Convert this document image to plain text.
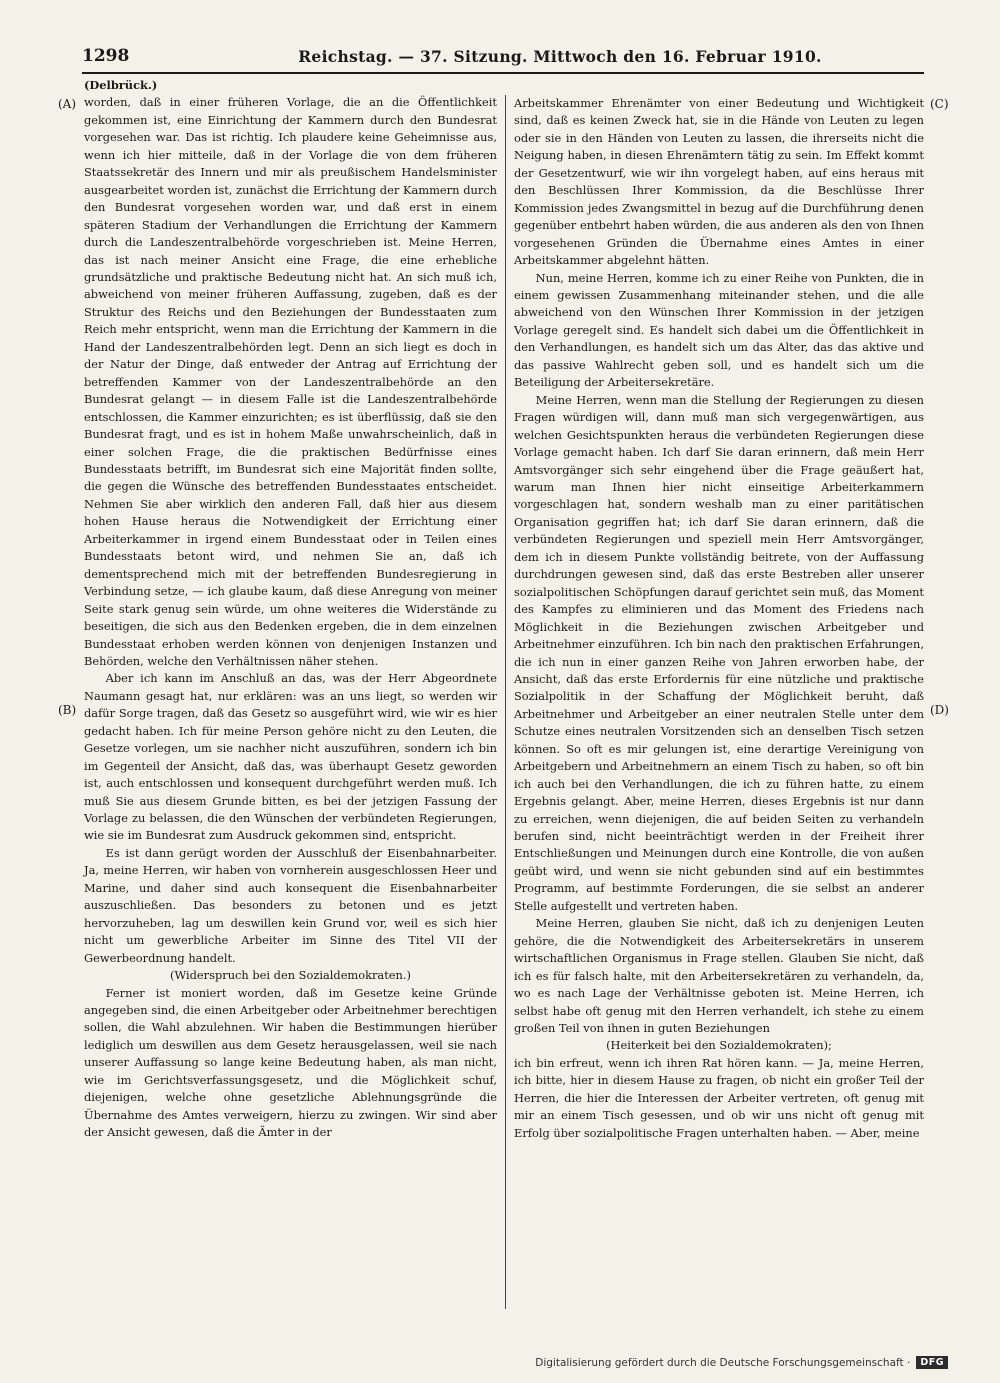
1298	Reichstag. — 37. Sitzung. Mittwoch den 16. Februar 1910.
(A)
(B)
(C)
(D)

(Delbrück.)

worden, daß in einer früheren Vorlage, die an die Öffentlichkeit gekommen ist, eine Einrichtung der Kammern durch den Bundesrat vorgesehen war. Das ist richtig. Ich plaudere keine Geheimnisse aus, wenn ich hier mitteile, daß in der Vorlage die von dem früheren Staatssekretär des Innern und mir als preußischem Handelsminister ausgearbeitet worden ist, zunächst die Errichtung der Kammern durch den Bundesrat vorgesehen worden war, und daß erst in einem späteren Stadium der Verhandlungen die Errichtung der Kammern durch die Landeszentralbehörde vorgeschrieben ist. Meine Herren, das ist nach meiner Ansicht eine Frage, die eine erhebliche grundsätzliche und praktische Bedeutung nicht hat. An sich muß ich, abweichend von meiner früheren Auffassung, zugeben, daß es der Struktur des Reichs und den Beziehungen der Bundesstaaten zum Reich mehr entspricht, wenn man die Errichtung der Kammern in die Hand der Landeszentralbehörden legt. Denn an sich liegt es doch in der Natur der Dinge, daß entweder der Antrag auf Errichtung der betreffenden Kammer von der Landeszentralbehörde an den Bundesrat gelangt — in diesem Falle ist die Landeszentralbehörde entschlossen, die Kammer einzurichten; es ist überflüssig, daß sie den Bundesrat fragt, und es ist in hohem Maße unwahrscheinlich, daß in einer solchen Frage, die die praktischen Bedürfnisse eines Bundesstaats betrifft, im Bundesrat sich eine Majorität finden sollte, die gegen die Wünsche des betreffenden Bundesstaates entscheidet. Nehmen Sie aber wirklich den anderen Fall, daß hier aus diesem hohen Hause heraus die Notwendigkeit der Errichtung einer Arbeiterkammer in irgend einem Bundesstaat oder in Teilen eines Bundesstaats betont wird, und nehmen Sie an, daß ich dementsprechend mich mit der betreffenden Bundesregierung in Verbindung setze, — ich glaube kaum, daß diese Anregung von meiner Seite stark genug sein würde, um ohne weiteres die Widerstände zu beseitigen, die sich aus den Bedenken ergeben, die in dem einzelnen Bundesstaat erhoben werden können von denjenigen Instanzen und Behörden, welche den Verhältnissen näher stehen.

Aber ich kann im Anschluß an das, was der Herr Abgeordnete Naumann gesagt hat, nur erklären: was an uns liegt, so werden wir dafür Sorge tragen, daß das Gesetz so ausgeführt wird, wie wir es hier gedacht haben. Ich für meine Person gehöre nicht zu den Leuten, die Gesetze vorlegen, um sie nachher nicht auszuführen, sondern ich bin im Gegenteil der Ansicht, daß das, was überhaupt Gesetz geworden ist, auch entschlossen und konsequent durchgeführt werden muß. Ich muß Sie aus diesem Grunde bitten, es bei der jetzigen Fassung der Vorlage zu belassen, die den Wünschen der verbündeten Regierungen, wie sie im Bundesrat zum Ausdruck gekommen sind, entspricht.

Es ist dann gerügt worden der Ausschluß der Eisenbahnarbeiter. Ja, meine Herren, wir haben von vornherein ausgeschlossen Heer und Marine, und daher sind auch konsequent die Eisenbahnarbeiter auszuschließen. Das besonders zu betonen und es jetzt hervorzuheben, lag um deswillen kein Grund vor, weil es sich hier nicht um gewerbliche Arbeiter im Sinne des Titel VII der Gewerbeordnung handelt.

(Widerspruch bei den Sozialdemokraten.)

Ferner ist moniert worden, daß im Gesetze keine Gründe angegeben sind, die einen Arbeitgeber oder Arbeitnehmer berechtigen sollen, die Wahl abzulehnen. Wir haben die Bestimmungen hierüber lediglich um deswillen aus dem Gesetz herausgelassen, weil sie nach unserer Auffassung so lange keine Bedeutung haben, als man nicht, wie im Gerichtsverfassungsgesetz, und die Möglichkeit schuf, diejenigen, welche ohne gesetzliche Ablehnungsgründe die Übernahme des Amtes verweigern, hierzu zu zwingen. Wir sind aber der Ansicht gewesen, daß die Ämter in der

Arbeitskammer Ehrenämter von einer Bedeutung und Wichtigkeit sind, daß es keinen Zweck hat, sie in die Hände von Leuten zu legen oder sie in den Händen von Leuten zu lassen, die ihrerseits nicht die Neigung haben, in diesen Ehrenämtern tätig zu sein. Im Effekt kommt der Gesetzentwurf, wie wir ihn vorgelegt haben, auf eins heraus mit den Beschlüssen Ihrer Kommission, da die Beschlüsse Ihrer Kommission jedes Zwangsmittel in bezug auf die Durchführung denen gegenüber entbehrt haben würden, die aus anderen als den von Ihnen vorgesehenen Gründen die Übernahme eines Amtes in einer Arbeitskammer abgelehnt hätten.

Nun, meine Herren, komme ich zu einer Reihe von Punkten, die in einem gewissen Zusammenhang miteinander stehen, und die alle abweichend von den Wünschen Ihrer Kommission in der jetzigen Vorlage geregelt sind. Es handelt sich dabei um die Öffentlichkeit in den Verhandlungen, es handelt sich um das Alter, das das aktive und das passive Wahlrecht geben soll, und es handelt sich um die Beteiligung der Arbeitersekretäre.

Meine Herren, wenn man die Stellung der Regierungen zu diesen Fragen würdigen will, dann muß man sich vergegenwärtigen, aus welchen Gesichtspunkten heraus die verbündeten Regierungen diese Vorlage gemacht haben. Ich darf Sie daran erinnern, daß mein Herr Amtsvorgänger sich sehr eingehend über die Frage geäußert hat, warum man Ihnen hier nicht einseitige Arbeiterkammern vorgeschlagen hat, sondern weshalb man zu einer paritätischen Organisation gegriffen hat; ich darf Sie daran erinnern, daß die verbündeten Regierungen und speziell mein Herr Amtsvorgänger, dem ich in diesem Punkte vollständig beitrete, von der Auffassung durchdrungen gewesen sind, daß das erste Bestreben aller unserer sozialpolitischen Schöpfungen darauf gerichtet sein muß, das Moment des Kampfes zu eliminieren und das Moment des Friedens nach Möglichkeit in die Beziehungen zwischen Arbeitgeber und Arbeitnehmer einzuführen. Ich bin nach den praktischen Erfahrungen, die ich nun in einer ganzen Reihe von Jahren erworben habe, der Ansicht, daß das erste Erfordernis für eine nützliche und praktische Sozialpolitik in der Schaffung der Möglichkeit beruht, daß Arbeitnehmer und Arbeitgeber an einer neutralen Stelle unter dem Schutze eines neutralen Vorsitzenden sich an denselben Tisch setzen können. So oft es mir gelungen ist, eine derartige Vereinigung von Arbeitgebern und Arbeitnehmern an einem Tisch zu haben, so oft bin ich auch bei den Verhandlungen, die ich zu führen hatte, zu einem Ergebnis gelangt. Aber, meine Herren, dieses Ergebnis ist nur dann zu erreichen, wenn diejenigen, die auf beiden Seiten zu verhandeln berufen sind, nicht beeinträchtigt werden in der Freiheit ihrer Entschließungen und Meinungen durch eine Kontrolle, die von außen geübt wird, und wenn sie nicht gebunden sind auf ein bestimmtes Programm, auf bestimmte Forderungen, die sie selbst an anderer Stelle aufgestellt und vertreten haben.

Meine Herren, glauben Sie nicht, daß ich zu denjenigen Leuten gehöre, die die Notwendigkeit des Arbeitersekretärs in unserem wirtschaftlichen Organismus in Frage stellen. Glauben Sie nicht, daß ich es für falsch halte, mit den Arbeitersekretären zu verhandeln, da, wo es nach Lage der Verhältnisse geboten ist. Meine Herren, ich selbst habe oft genug mit den Herren verhandelt, ich stehe zu einem großen Teil von ihnen in guten Beziehungen

(Heiterkeit bei den Sozialdemokraten);

ich bin erfreut, wenn ich ihren Rat hören kann. — Ja, meine Herren, ich bitte, hier in diesem Hause zu fragen, ob nicht ein großer Teil der Herren, die hier die Interessen der Arbeiter vertreten, oft genug mit mir an einem Tisch gesessen, und ob wir uns nicht oft genug mit Erfolg über sozialpolitische Fragen unterhalten haben. — Aber, meine

Digitalisierung gefördert durch die Deutsche Forschungsgemeinschaft ·	DFG
